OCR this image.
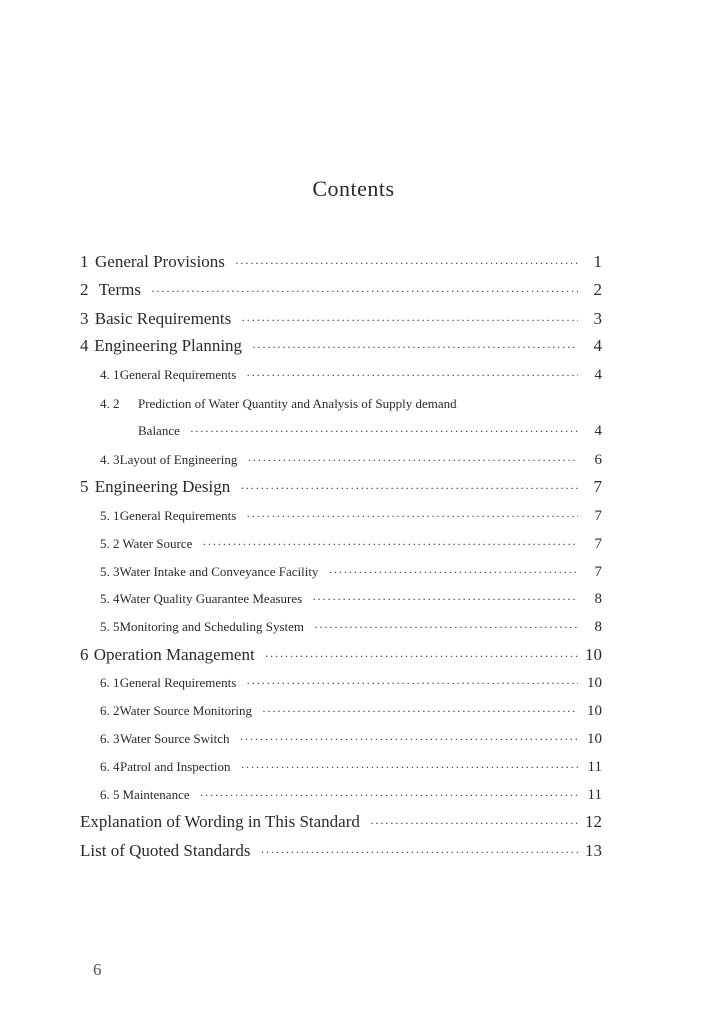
Contents
1 General Provisions ·····	1
2 Terms ·····	2
3 Basic Requirements ·····	3
4 Engineering Planning ·····	4
4. 1 General Requirements ·····	4
4. 2	Prediction of Water Quantity and Analysis of Supply demand
Balance ·····	4
4. 3 Layout of Engineering ·····	6
5 Engineering Design ·····	7
5. 1 General Requirements ·····	7
5. 2 Water Source ·····	7
5. 3 Water Intake and Conveyance Facility ·····	7
5. 4 Water Quality Guarantee Measures ·····	8
5. 5 Monitoring and Scheduling System ·····	8
6 Operation Management ·····	10
6. 1 General Requirements ·····	10
6. 2 Water Source Monitoring ·····	10
6. 3 Water Source Switch ·····	10
6. 4 Patrol and Inspection ·····	11
6. 5 Maintenance ·····	11
Explanation of Wording in This Standard ·····	12
List of Quoted Standards ·····	13
6
